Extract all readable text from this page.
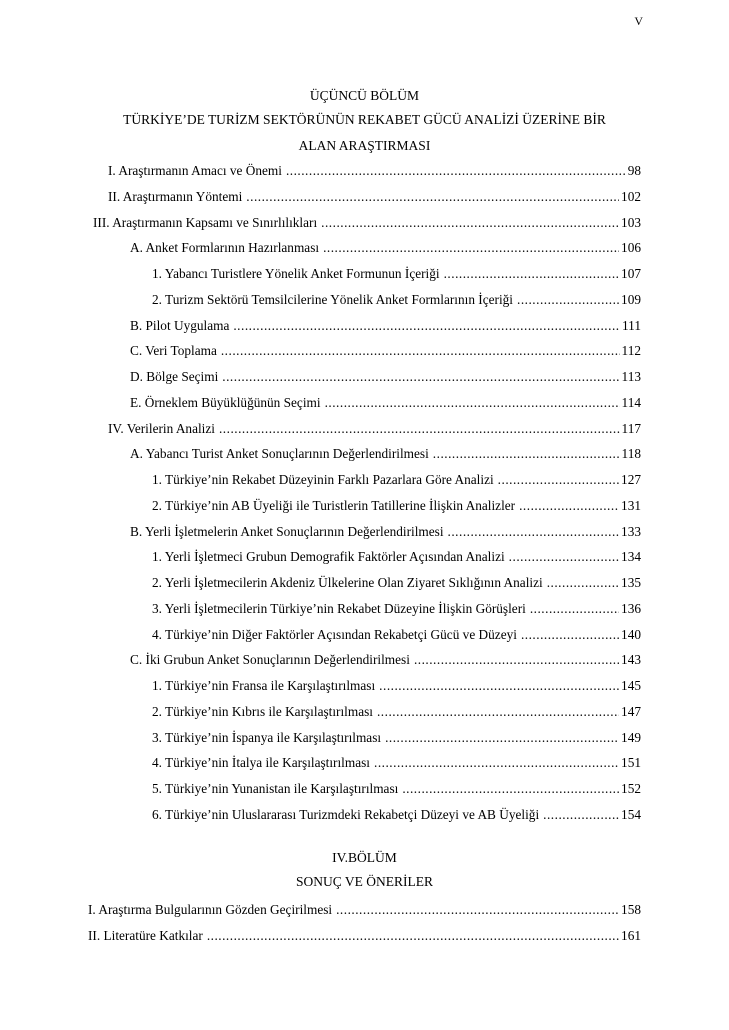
V
ÜÇÜNCÜ BÖLÜM
TÜRKİYE’DE TURİZM SEKTÖRÜNÜN REKABET GÜCÜ ANALİZİ ÜZERİNE BİR
ALAN ARAŞTIRMASI
I. Araştırmanın Amacı ve Önemi .....	98
II. Araştırmanın Yöntemi .....	102
III. Araştırmanın Kapsamı ve Sınırlılıkları .....	103
A. Anket Formlarının Hazırlanması .....	106
1. Yabancı Turistlere Yönelik Anket Formunun İçeriği .....	107
2. Turizm Sektörü Temsilcilerine Yönelik Anket Formlarının İçeriği .....	109
B. Pilot Uygulama .....	111
C. Veri Toplama .....	112
D. Bölge Seçimi .....	113
E. Örneklem Büyüklüğünün Seçimi .....	114
IV. Verilerin Analizi .....	117
A. Yabancı Turist Anket Sonuçlarının Değerlendirilmesi .....	118
1. Türkiye’nin Rekabet Düzeyinin Farklı Pazarlara Göre Analizi .....	127
2. Türkiye’nin AB Üyeliği ile Turistlerin Tatillerine İlişkin Analizler .....	131
B. Yerli İşletmelerin Anket Sonuçlarının Değerlendirilmesi .....	133
1. Yerli İşletmeci Grubun Demografik Faktörler Açısından Analizi .....	134
2. Yerli İşletmecilerin Akdeniz Ülkelerine Olan Ziyaret Sıklığının Analizi .....	135
3. Yerli İşletmecilerin Türkiye’nin Rekabet Düzeyine İlişkin Görüşleri .....	136
4. Türkiye’nin Diğer Faktörler Açısından Rekabetçi Gücü ve Düzeyi .....	140
C. İki Grubun Anket Sonuçlarının Değerlendirilmesi .....	143
1. Türkiye’nin Fransa ile Karşılaştırılması .....	145
2. Türkiye’nin Kıbrıs ile Karşılaştırılması .....	147
3. Türkiye’nin İspanya ile Karşılaştırılması .....	149
4. Türkiye’nin İtalya ile Karşılaştırılması .....	151
5. Türkiye’nin Yunanistan ile Karşılaştırılması .....	152
6. Türkiye’nin Uluslararası Turizmdeki Rekabetçi Düzeyi ve AB Üyeliği .....	154
I. Araştırma Bulgularının Gözden Geçirilmesi .....	158
II. Literatüre Katkılar .....	161
IV.BÖLÜM
SONUÇ VE ÖNERİLER
